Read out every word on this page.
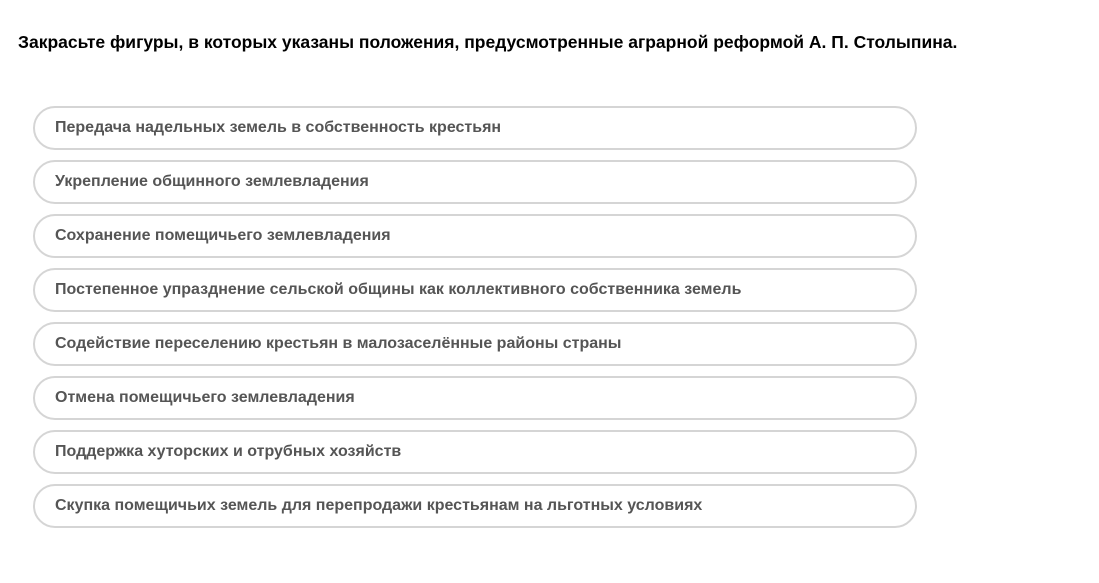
Закрасьте фигуры, в которых указаны положения, предусмотренные аграрной реформой А. П. Столыпина.
Передача надельных земель в собственность крестьян
Укрепление общинного землевладения
Сохранение помещичьего землевладения
Постепенное упразднение сельской общины как коллективного собственника земель
Содействие переселению крестьян в малозаселённые районы страны
Отмена помещичьего землевладения
Поддержка хуторских и отрубных хозяйств
Скупка помещичьих земель для перепродажи крестьянам на льготных условиях
